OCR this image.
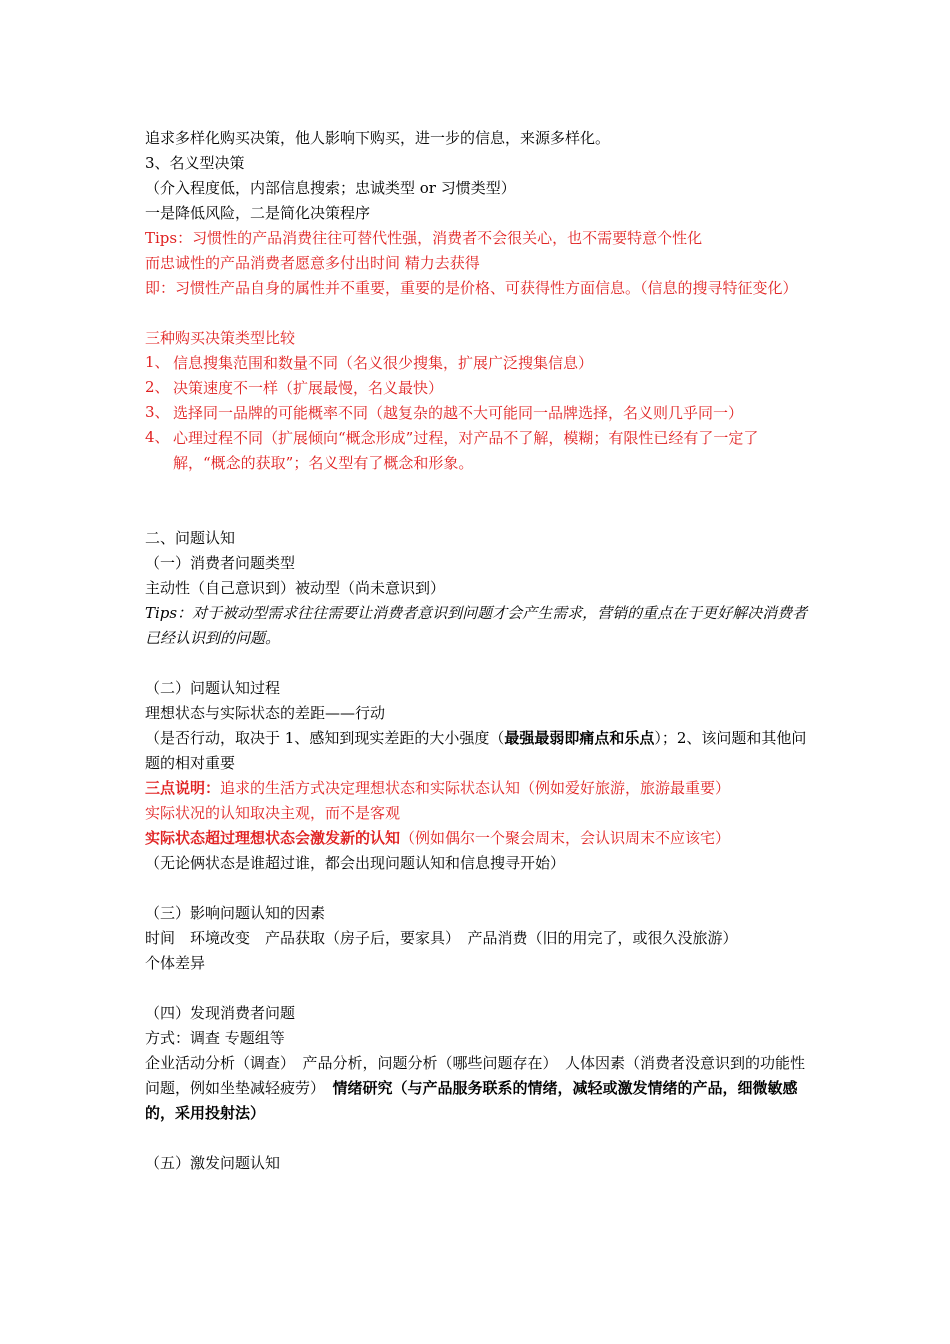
追求多样化购买决策，他人影响下购买，进一步的信息，来源多样化。

3、名义型决策

（介入程度低，内部信息搜索；忠诚类型 or 习惯类型）

一是降低风险，二是简化决策程序

Tips：习惯性的产品消费往往可替代性强，消费者不会很关心，也不需要特意个性化

而忠诚性的产品消费者愿意多付出时间 精力去获得

即：习惯性产品自身的属性并不重要，重要的是价格、可获得性方面信息。（信息的搜寻特征变化）

三种购买决策类型比较

1、 信息搜集范围和数量不同（名义很少搜集，扩展广泛搜集信息）

2、 决策速度不一样（扩展最慢，名义最快）

3、 选择同一品牌的可能概率不同（越复杂的越不大可能同一品牌选择，名义则几乎同一）

4、 心理过程不同（扩展倾向“概念形成”过程，对产品不了解，模糊；有限性已经有了一定了解，“概念的获取”；名义型有了概念和形象。

二、问题认知

（一）消费者问题类型

主动性（自己意识到）被动型（尚未意识到）

Tips：对于被动型需求往往需要让消费者意识到问题才会产生需求，营销的重点在于更好解决消费者已经认识到的问题。

（二）问题认知过程

理想状态与实际状态的差距——行动

（是否行动，取决于 1、感知到现实差距的大小强度（最强最弱即痛点和乐点）；2、该问题和其他问题的相对重要

三点说明：追求的生活方式决定理想状态和实际状态认知（例如爱好旅游，旅游最重要）

实际状况的认知取决主观，而不是客观

实际状态超过理想状态会激发新的认知（例如偶尔一个聚会周末，会认识周末不应该宅）

（无论俩状态是谁超过谁，都会出现问题认知和信息搜寻开始）

（三）影响问题认知的因素

时间　环境改变　产品获取（房子后，要家具）　产品消费（旧的用完了，或很久没旅游）

个体差异

（四）发现消费者问题

方式：调查 专题组等

企业活动分析（调查）　产品分析，问题分析（哪些问题存在）　人体因素（消费者没意识到的功能性问题，例如坐垫减轻疲劳）　情绪研究（与产品服务联系的情绪，减轻或激发情绪的产品，细微敏感的，采用投射法）

（五）激发问题认知
